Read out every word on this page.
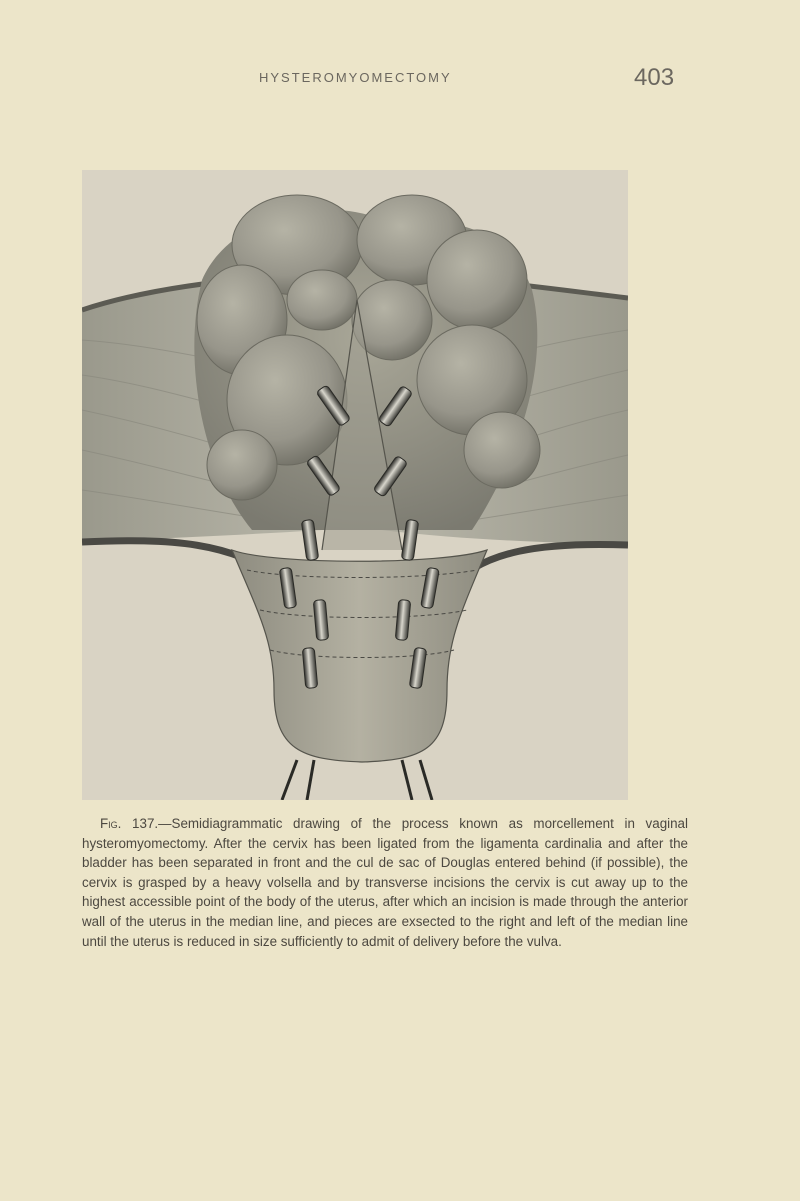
HYSTEROMYOMECTOMY	403

Fig. 137.—Semidiagrammatic drawing of the process known as morcellement in vaginal hysteromyomectomy. After the cervix has been ligated from the ligamenta cardinalia and after the bladder has been separated in front and the cul de sac of Douglas entered behind (if possible), the cervix is grasped by a heavy volsella and by transverse incisions the cervix is cut away up to the highest accessible point of the body of the uterus, after which an incision is made through the anterior wall of the uterus in the median line, and pieces are exsected to the right and left of the median line until the uterus is reduced in size sufficiently to admit of delivery before the vulva.
